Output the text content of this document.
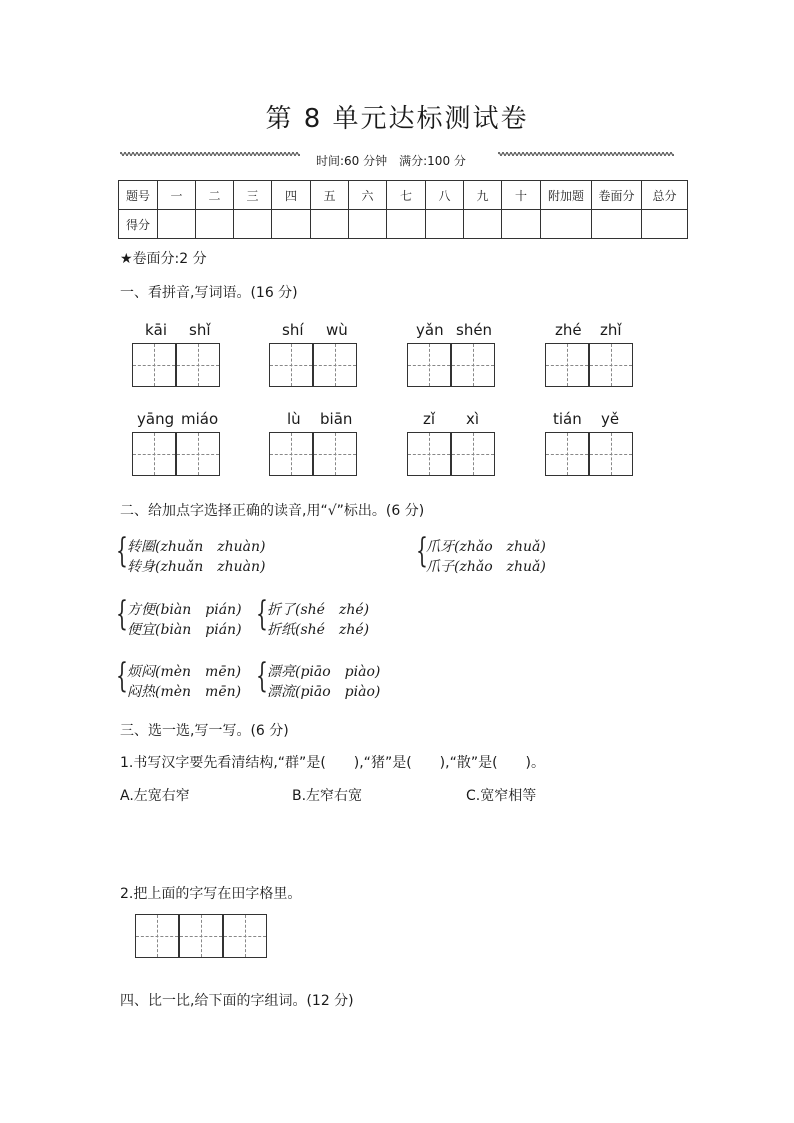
第 8 单元达标测试卷
时间:60 分钟　满分:100 分
题号	一	二	三	四	五	六	七	八	九	十	附加题	卷面分	总分
得分													
★卷面分:2 分
一、看拼音,写词语。(16 分)
kāi shǐ	shí wù	yǎn shén	zhé zhǐ
yāng miáo	lù biān	zǐ xì	tián yě
二、给加点字选择正确的读音,用“√”标出。(6 分)
{ 转圈(zhuǎn　zhuàn)
转身(zhuǎn　zhuàn)	{
爪牙(zhǎo　zhuǎ)
爪子(zhǎo　zhuǎ)
{ 方便(biàn　pián)
便宜(biàn　pián) { 折了(shé　zhé)
折纸(shé　zhé)
{ 烦闷(mèn　mēn)
闷热(mèn　mēn) { 漂亮(piāo　piào)
漂流(piāo　piào)
三、选一选,写一写。(6 分)
1.书写汉字要先看清结构,“群”是(　　),“猪”是(　　),“散”是(　　)。
A.左宽右窄	B.左窄右宽	C.宽窄相等
2.把上面的字写在田字格里。
四、比一比,给下面的字组词。(12 分)
